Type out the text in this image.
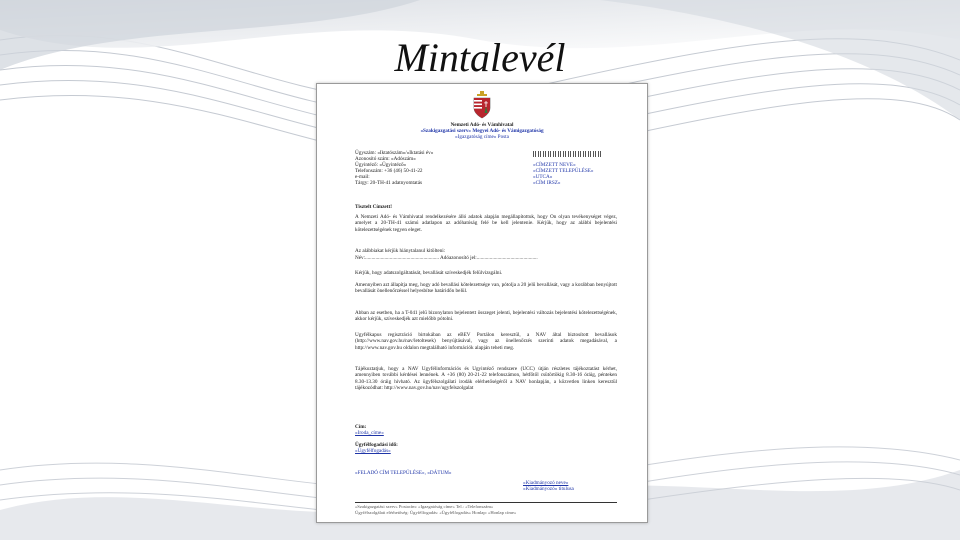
Mintalevél
Nemzeti Adó- és Vámhivatal
«Szakigazgatási szerv» Megyei Adó- és Vámigazgatóság
«Igazgatóság címe» Posta
Ügyszám: «Iktatószám»/«Iktatási év»
Azonosító szám: «Adószám»
Ügyintéző: «Ügyintéző»
Telefonszám: +36 (46) 50-41-22
e-mail:
Tárgy: 20-TH-41 adatnyomtatás
«CÍMZETT NEVE»
«CÍMZETT TELEPÜLÉSE»
«UTCA»
«CÍM IRSZ»
Tisztelt Címzett!
A Nemzeti Adó- és Vámhivatal rendelkezésére álló adatok alapján megállapítottuk, hogy Ön olyan tevékenységet végez, amelyet a 20-TH-41 számú adatlapon az adóhatóság felé be kell jelentenie. Kérjük, hogy az alábbi bejelentési kötelezettségének tegyen eleget.
Az alábbiakat kérjük hiánytalanul kitölteni:
Név:......................................................... Adóazonosító jel:...............................................
Kérjük, hogy adatszolgáltatását, bevallását szíveskedjék felülvizsgálni.
Amennyiben azt állapítja meg, hogy adó bevallási kötelezettsége van, pótolja a 20 jelű bevallását, vagy a korábban benyújtott bevallását önellenőrzéssel helyesbítse határidőn belül.
Abban az esetben, ha a T-041 jelű bizonylaton bejelentett összeget jelenti, bejelentési változás bejelentési kötelezettségének, akkor kérjük, szíveskedjék azt mielőbb pótolni.
Ügyfélkapus regisztráció birtokában az eBEV Portálon keresztül, a NAV által biztosított bevallások (http://www.nav.gov.hu/nav/letoltesek) benyújtásával, vagy az önellenőrzés szerinti adatok megadásával, a http://www.nav.gov.hu oldalon megtalálható információk alapján teheti meg.
Tájékoztatjuk, hogy a NAV Ügyfélinformációs és Ügyintéző rendszere (ÜCC) útján részletes tájékoztatást kérhet, amennyiben további kérdései lennének. A +36 (80) 20-21-22 telefonszámon, hétfőtől csütörtökig 8.30-16 óráig, pénteken 8.30-13.30 óráig hívható. Az ügyfélszolgálati irodák elérhetőségéről a NAV honlapján, a közvetlen linken keresztül tájékozódhat: http://www.nav.gov.hu/nav/ugyfelszolgalat
Cím:
«Iroda_címe»
Ügyfélfogadási idő:
«Ügyfélfogadás»
«FELADÓ CÍM TELEPÜLÉSE», «DÁTUM»
«Kiadmányozó neve»
«Kiadmányozó» titulusa
«Szakigazgatási szerv» Postacím: «Igazgatóság címe» Tel.: «Telefonszám»
Ügyfélszolgálati elérhetőség: Ügyfélfogadás: «Ügyfélfogadás» Honlap: «Honlap címe»
